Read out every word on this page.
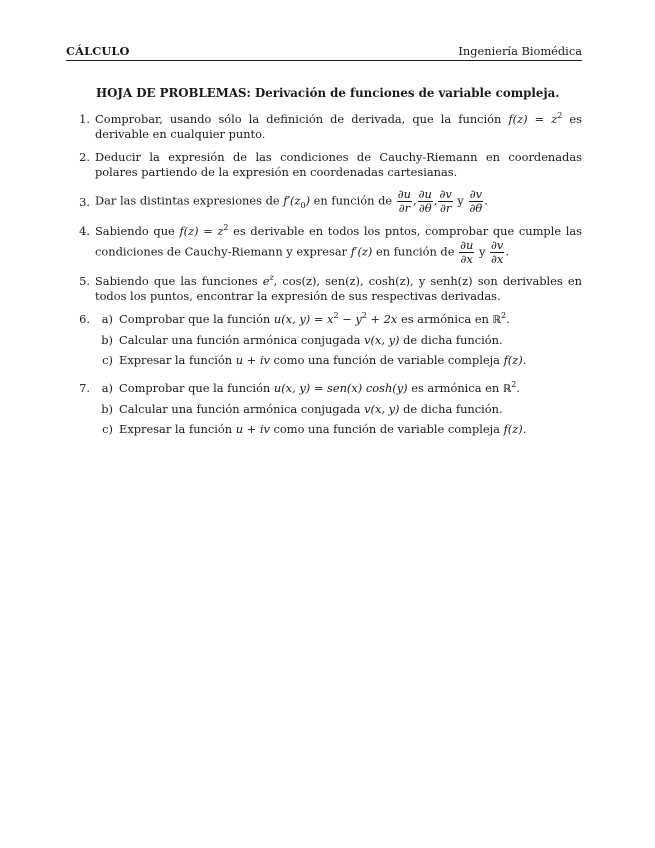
CÁLCULO	Ingeniería Biomédica
HOJA DE PROBLEMAS: Derivación de funciones de variable compleja.
1. Comprobar, usando sólo la definición de derivada, que la función $f(z) = z^2$ es derivable en cualquier punto.
2. Deducir la expresión de las condiciones de Cauchy-Riemann en coordenadas polares partiendo de la expresión en coordenadas cartesianas.
3. Dar las distintas expresiones de $f'(z_0)$ en función de $\frac{\partial u}{\partial r}$ , $\frac{\partial u}{\partial\theta}$ , $\frac{\partial v}{\partial r}$ y $\frac{\partial v}{\partial\theta}$ .
4. Sabiendo que $f(z) = z^2$ es derivable en todos los pntos, comprobar que cumple las condiciones de Cauchy-Riemann y expresar f′(z) en función de $\frac{\partial u}{\partial x}$ y $\frac{\partial v}{\partial x}$ .
5. Sabiendo que las funciones $e^z$, cos(z), sen(z), cosh(z), y senh(z) son derivables en todos los puntos, encontrar la expresión de sus respectivas derivadas.
6.	a) Comprobar que la función u(x, $y) = x^2 - y^2 + 2x$ es armónica en ℝ$^2$.
b) Calcular una función armónica conjugada v(x, y) de dicha función.
c) Expresar la función u + iv como una función de variable compleja f(z).
7.	a) Comprobar que la función u(x, y) = sen(x) cosh(y) es armónica en ℝ$^2$.
b) Calcular una función armónica conjugada v(x, y) de dicha función.
c) Expresar la función u + iv como una función de variable compleja f(z).
